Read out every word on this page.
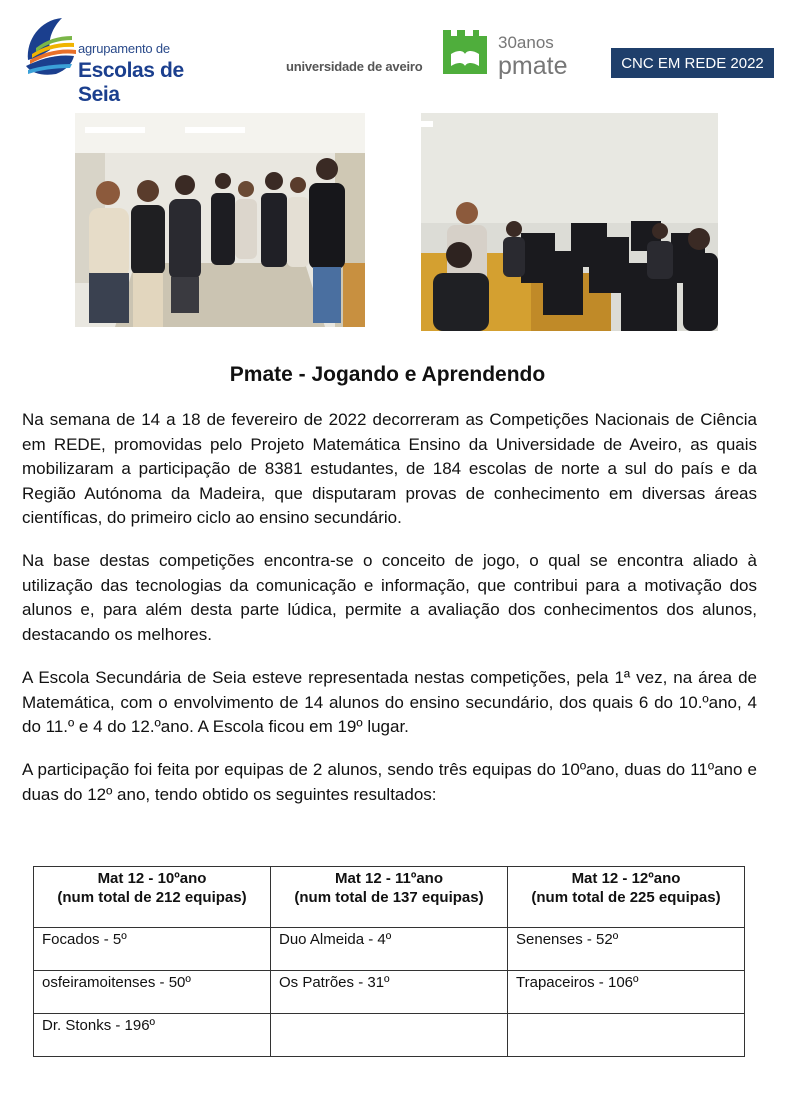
agrupamento de
Escolas de Seia
universidade de aveiro
30anos
pmate	CNC EM REDE 2022
Pmate - Jogando e Aprendendo

Na semana de 14 a 18 de fevereiro de 2022 decorreram as Competições Nacionais de Ciência em REDE, promovidas pelo Projeto Matemática Ensino da Universidade de Aveiro, as quais mobilizaram a participação de 8381 estudantes, de 184 escolas de norte a sul do país e da Região Autónoma da Madeira, que disputaram provas de conhecimento em diversas áreas científicas, do primeiro ciclo ao ensino secundário.

Na base destas competições encontra-se o conceito de jogo, o qual se encontra aliado à utilização das tecnologias da comunicação e informação, que contribui para a motivação dos alunos e, para além desta parte lúdica, permite a avaliação dos conhecimentos dos alunos, destacando os melhores.

A Escola Secundária de Seia esteve representada nestas competições, pela 1ª vez, na área de Matemática, com o envolvimento de 14 alunos do ensino secundário, dos quais 6 do 10.ºano, 4 do 11.º e 4 do 12.ºano. A Escola ficou em 19º lugar.

A participação foi feita por equipas de 2 alunos, sendo três equipas do 10ºano, duas do 11ºano e duas do 12º ano, tendo obtido os seguintes resultados:

Mat 12 - 10ºano
(num total de 212 equipas)	Mat 12 - 11ºano
(num total de 137 equipas)	Mat 12 - 12ºano
(num total de 225 equipas)

Focados - 5º	Duo Almeida - 4º	Senenses - 52º
osfeiramoitenses - 50º	Os Patrões - 31º	Trapaceiros - 106º
Dr. Stonks - 196º		
